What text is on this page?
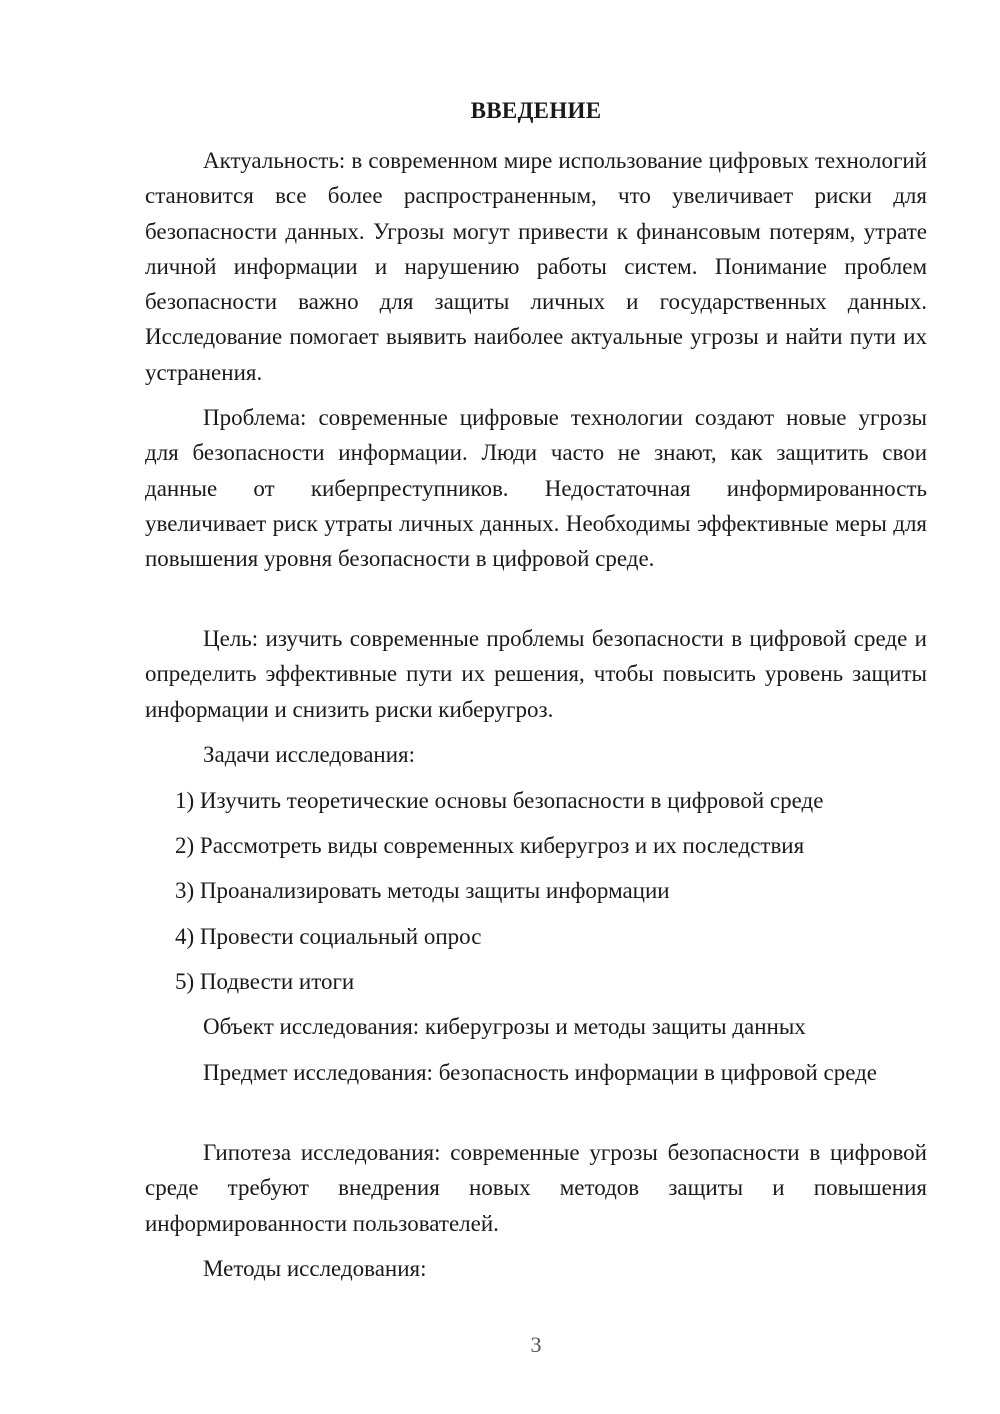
ВВЕДЕНИЕ

Актуальность: в современном мире использование цифровых технологий становится все более распространенным, что увеличивает риски для безопасности данных. Угрозы могут привести к финансовым потерям, утрате личной информации и нарушению работы систем. Понимание проблем безопасности важно для защиты личных и государственных данных. Исследование помогает выявить наиболее актуальные угрозы и найти пути их устранения.

Проблема: современные цифровые технологии создают новые угрозы для безопасности информации. Люди часто не знают, как защитить свои данные от киберпреступников. Недостаточная информированность увеличивает риск утраты личных данных. Необходимы эффективные меры для повышения уровня безопасности в цифровой среде.

Цель: изучить современные проблемы безопасности в цифровой среде и определить эффективные пути их решения, чтобы повысить уровень защиты информации и снизить риски киберугроз.

Задачи исследования:

1) Изучить теоретические основы безопасности в цифровой среде

2) Рассмотреть виды современных киберугроз и их последствия

3) Проанализировать методы защиты информации

4) Провести социальный опрос

5) Подвести итоги

Объект исследования: киберугрозы и методы защиты данных

Предмет исследования: безопасность информации в цифровой среде

Гипотеза исследования: современные угрозы безопасности в цифровой среде требуют внедрения новых методов защиты и повышения информированности пользователей.

Методы исследования:

3
